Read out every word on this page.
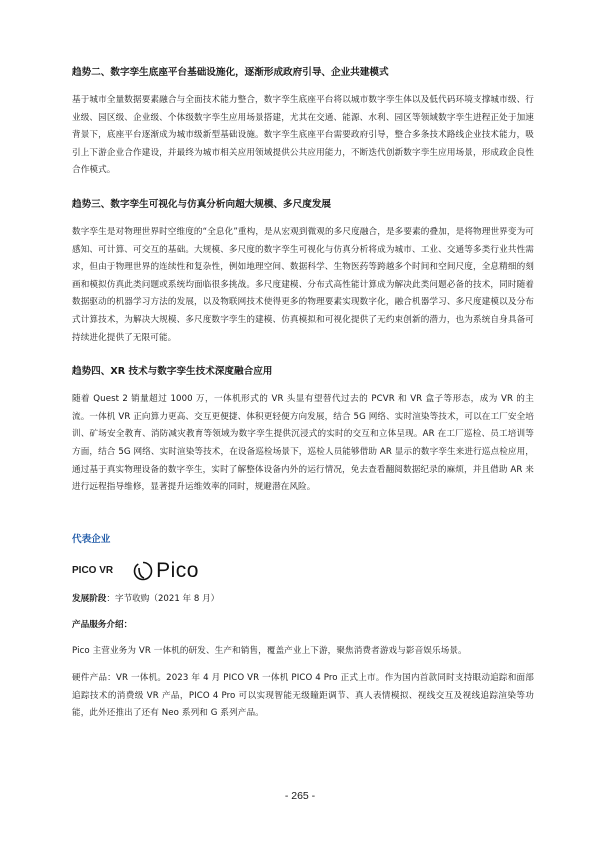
趋势二、数字孪生底座平台基础设施化，逐渐形成政府引导、企业共建模式

基于城市全量数据要素融合与全面技术能力整合，数字孪生底座平台将以城市数字孪生体以及低代码环境支撑城市级、行业级、园区级、企业级、个体级数字孪生应用场景搭建，尤其在交通、能源、水利、园区等领域数字孪生进程正处于加速背景下，底座平台逐渐成为城市级新型基础设施。数字孪生底座平台需要政府引导，整合多条技术路线企业技术能力，吸引上下游企业合作建设，并最终为城市相关应用领域提供公共应用能力，不断迭代创新数字孪生应用场景，形成政企良性合作模式。

趋势三、数字孪生可视化与仿真分析向超大规模、多尺度发展

数字孪生是对物理世界时空维度的“全息化”重构，是从宏观到微观的多尺度融合，是多要素的叠加，是将物理世界变为可感知、可计算、可交互的基础。大规模、多尺度的数字孪生可视化与仿真分析将成为城市、工业、交通等多类行业共性需求，但由于物理世界的连续性和复杂性，例如地理空间、数据科学、生物医药等跨越多个时间和空间尺度，全息精细的刻画和模拟仿真此类问题或系统均面临很多挑战。多尺度建模、分布式高性能计算成为解决此类问题必备的技术，同时随着数据驱动的机器学习方法的发展，以及物联网技术使得更多的物理要素实现数字化，融合机器学习、多尺度建模以及分布式计算技术，为解决大规模、多尺度数字孪生的建模、仿真模拟和可视化提供了无约束创新的潜力，也为系统自身具备可持续进化提供了无限可能。

趋势四、XR 技术与数字孪生技术深度融合应用

随着 Quest 2 销量超过 1000 万，一体机形式的 VR 头显有望替代过去的 PCVR 和 VR 盒子等形态，成为 VR 的主流。一体机 VR 正向算力更高、交互更便捷、体积更轻便方向发展，结合 5G 网络、实时渲染等技术，可以在工厂安全培训、矿场安全教育、消防减灾教育等领域为数字孪生提供沉浸式的实时的交互和立体呈现。AR 在工厂巡检、员工培训等方面，结合 5G 网络、实时渲染等技术，在设备巡检场景下，巡检人员能够借助 AR 显示的数字孪生来进行巡点检应用，通过基于真实物理设备的数字孪生，实时了解整体设备内外的运行情况，免去查看翻阅数据纪录的麻烦，并且借助 AR 来进行远程指导维修，显著提升运维效率的同时，规避潜在风险。

代表企业
PICO VR Pico
发展阶段：字节收购（2021 年 8 月）
产品服务介绍：

Pico 主营业务为 VR 一体机的研发、生产和销售，覆盖产业上下游，聚焦消费者游戏与影音娱乐场景。

硬件产品：VR 一体机。2023 年 4 月 PICO VR 一体机 PICO 4 Pro 正式上市。作为国内首款同时支持眼动追踪和面部追踪技术的消费级 VR 产品，PICO 4 Pro 可以实现智能无级瞳距调节、真人表情模拟、视线交互及视线追踪渲染等功能，此外还推出了还有 Neo 系列和 G 系列产品。

- 265 -
